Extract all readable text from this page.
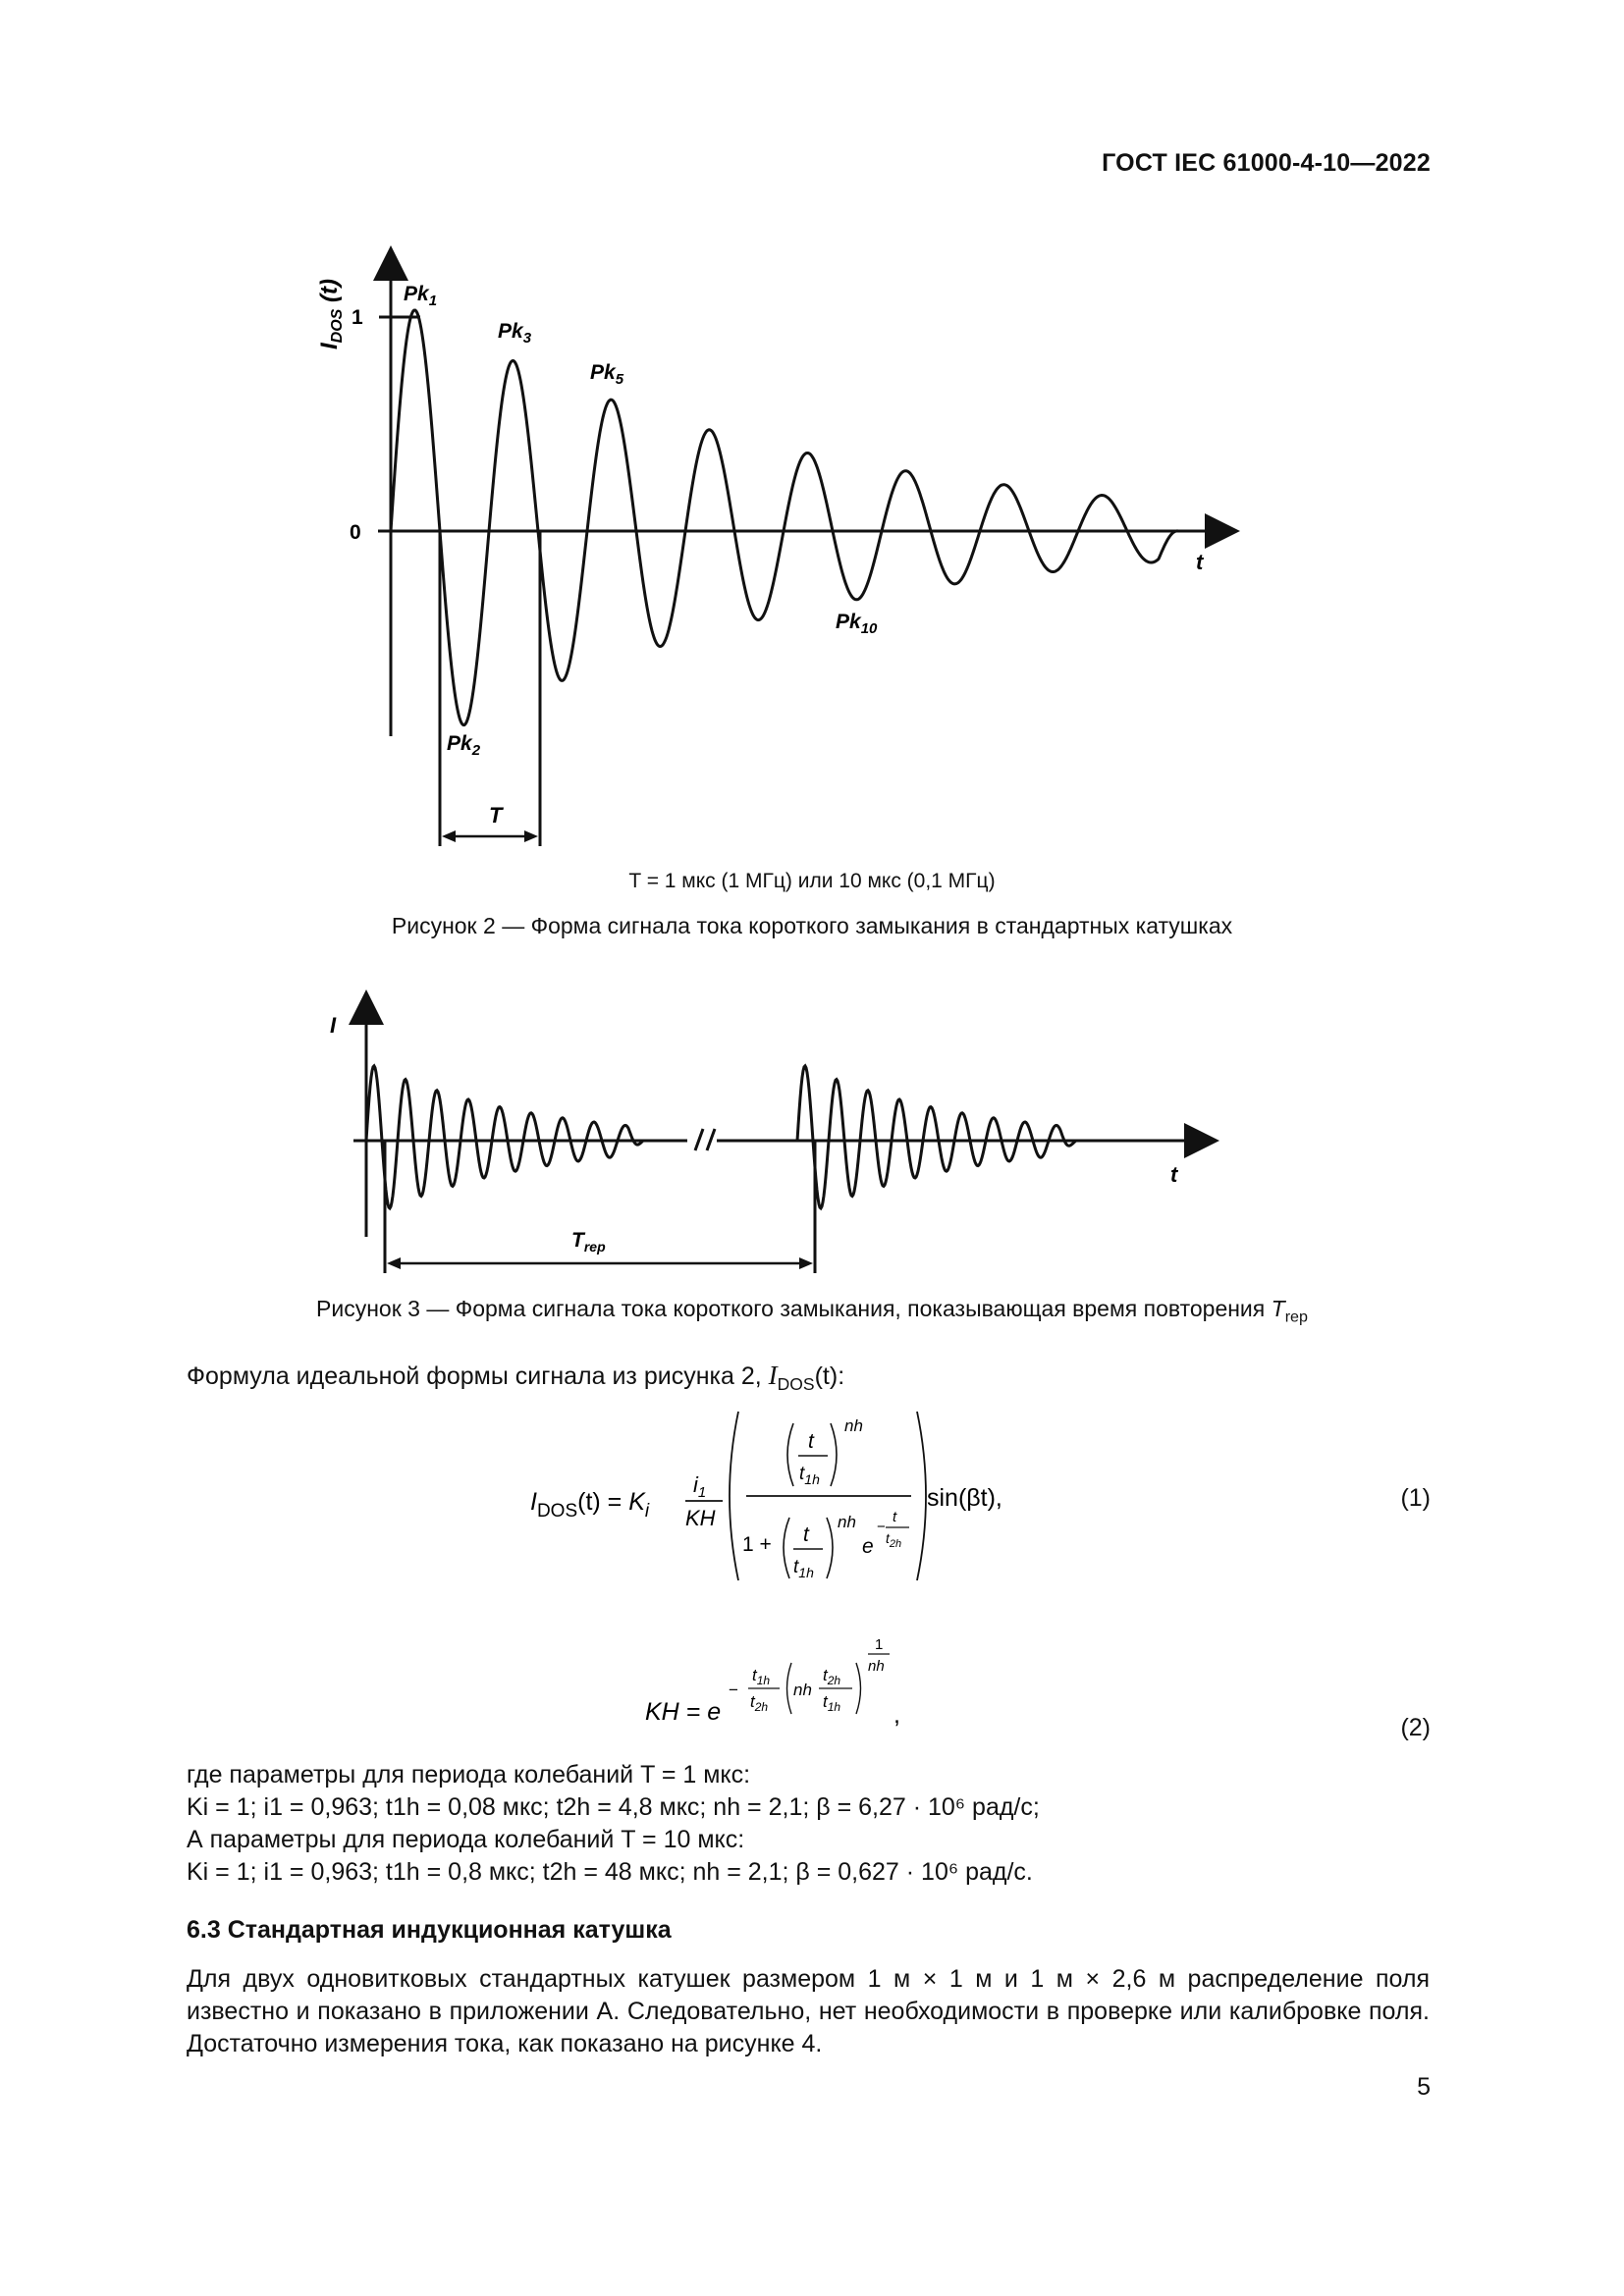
ГОСТ IEC 61000-4-10—2022
$I_{DOS}$ (t)
1
0
t
$Pk_1$
$Pk_2$
$Pk_3$
$Pk_5$
$Pk_{10}$
T
T = 1 мкс (1 МГц) или 10 мкс (0,1 МГц)
Рисунок 2 — Форма сигнала тока короткого замыкания в стандартных катушках
I
t
$T_{rep}$
Рисунок 3 — Форма сигнала тока короткого замыкания, показывающая время повторения $T_{rep}$
Формула идеальной формы сигнала из рисунка 2, $I_{DOS}(t)$:
$I_{DOS}(t) = K_i$
$i_1$
KH
t
$t_{1h}$
nh
1 + t
$t_{1h}$
nh
e
−
t
$t_{2h}$
sin(βt),	(1)
KH = e
−
$t_{1h}$
$t_{2h}$
nh
$t_{2h}$
$t_{1h}$
1
nh
,	(2)
где параметры для периода колебаний T = 1 мкс:
Ki = 1; i1 = 0,963; t1h = 0,08 мкс; t2h = 4,8 мкс; nh = 2,1; β = 6,27 · 10⁶ рад/с;
А параметры для периода колебаний T = 10 мкс:
Ki = 1; i1 = 0,963; t1h = 0,8 мкс; t2h = 48 мкс; nh = 2,1; β = 0,627 · 10⁶ рад/с.
6.3 Стандартная индукционная катушка
Для двух одновитковых стандартных катушек размером 1 м × 1 м и 1 м × 2,6 м распределение поля известно и показано в приложении А. Следовательно, нет необходимости в проверке или калибровке поля. Достаточно измерения тока, как показано на рисунке 4.
5
